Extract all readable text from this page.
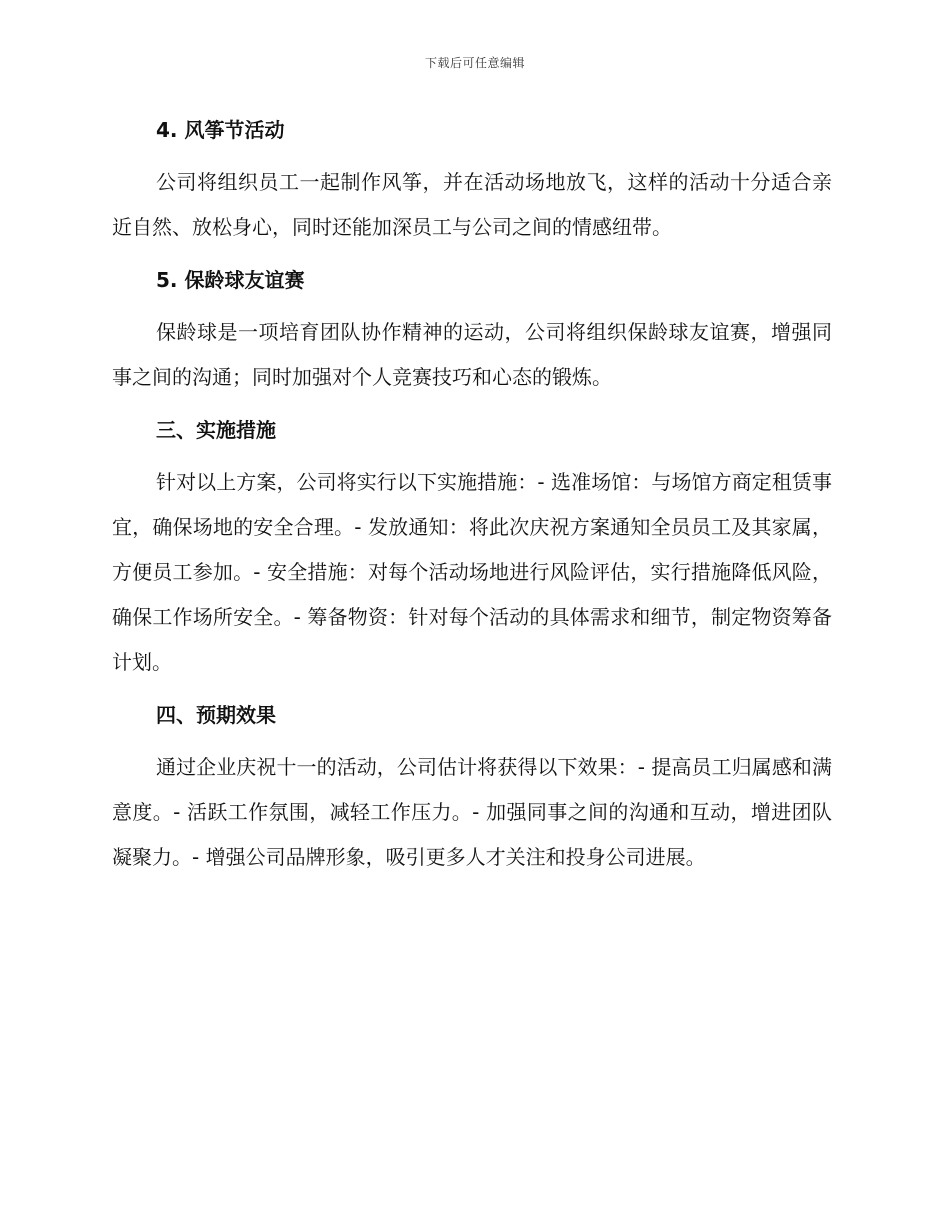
下载后可任意编辑
4. 风筝节活动

公司将组织员工一起制作风筝，并在活动场地放飞，这样的活动十分适合亲近自然、放松身心，同时还能加深员工与公司之间的情感纽带。

5. 保龄球友谊赛

保龄球是一项培育团队协作精神的运动，公司将组织保龄球友谊赛，增强同事之间的沟通；同时加强对个人竞赛技巧和心态的锻炼。

三、实施措施

针对以上方案，公司将实行以下实施措施：- 选准场馆：与场馆方商定租赁事宜，确保场地的安全合理。- 发放通知：将此次庆祝方案通知全员员工及其家属，方便员工参加。- 安全措施：对每个活动场地进行风险评估，实行措施降低风险，确保工作场所安全。- 筹备物资：针对每个活动的具体需求和细节，制定物资筹备计划。

四、预期效果

通过企业庆祝十一的活动，公司估计将获得以下效果：- 提高员工归属感和满意度。- 活跃工作氛围，减轻工作压力。- 加强同事之间的沟通和互动，增进团队凝聚力。- 增强公司品牌形象，吸引更多人才关注和投身公司进展。
